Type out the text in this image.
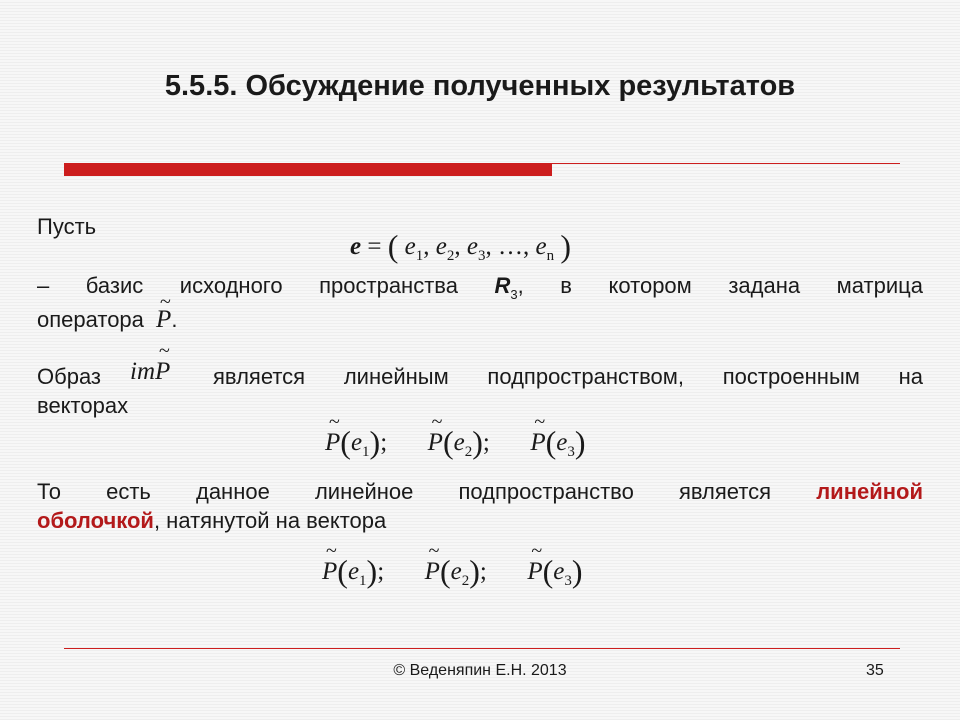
5.5.5. Обсуждение полученных результатов
Пусть
e = ( $e_1$, $e_2$, $e_3$, …, $e_n$ )
– базис исходного пространства $R_3$, в котором задана матрица
оператора ~ P.
Образ im~ P является линейным подпространством, построенным на
векторах
~ $P(e_1)$; ~ $P(e_2)$; ~ $P(e_3)$
То есть данное линейное подпространство является линейной
оболочкой, натянутой на вектора
~ $P(e_1)$; ~ $P(e_2)$; ~ $P(e_3)$
© Веденяпин Е.Н. 2013	35
